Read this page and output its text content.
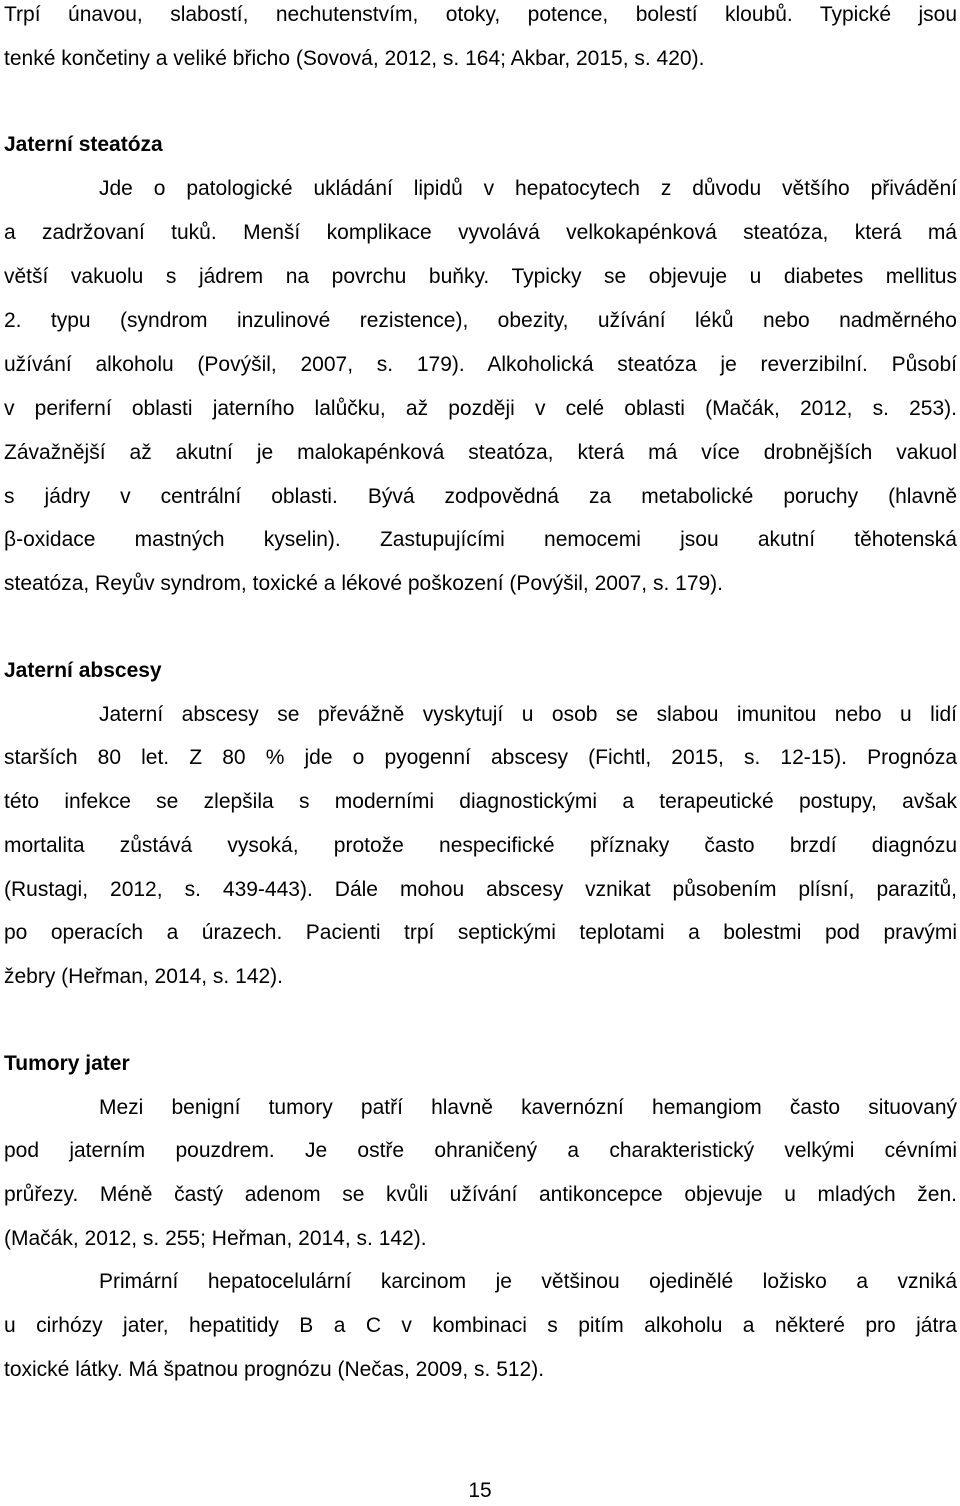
Trpí únavou, slabostí, nechutenstvím, otoky, potence, bolestí kloubů. Typické jsou
tenké končetiny a veliké břicho (Sovová, 2012, s. 164; Akbar, 2015, s. 420).
Jaterní steatóza
Jde o patologické ukládání lipidů v hepatocytech z důvodu většího přivádění
a zadržovaní tuků. Menší komplikace vyvolává velkokapénková steatóza, která má
větší vakuolu s jádrem na povrchu buňky. Typicky se objevuje u diabetes mellitus
2. typu (syndrom inzulinové rezistence), obezity, užívání léků nebo nadměrného
užívání alkoholu (Povýšil, 2007, s. 179). Alkoholická steatóza je reverzibilní. Působí
v periferní oblasti jaterního lalůčku, až později v celé oblasti (Mačák, 2012, s. 253).
Závažnější až akutní je malokapénková steatóza, která má více drobnějších vakuol
s jádry v centrální oblasti. Bývá zodpovědná za metabolické poruchy (hlavně
β-oxidace mastných kyselin). Zastupujícími nemocemi jsou akutní těhotenská
steatóza, Reyův syndrom, toxické a lékové poškození (Povýšil, 2007, s. 179).
Jaterní abscesy
Jaterní abscesy se převážně vyskytují u osob se slabou imunitou nebo u lidí
starších 80 let. Z 80 % jde o pyogenní abscesy (Fichtl, 2015, s. 12-15). Prognóza
této infekce se zlepšila s moderními diagnostickými a terapeutické postupy, avšak
mortalita zůstává vysoká, protože nespecifické příznaky často brzdí diagnózu
(Rustagi, 2012, s. 439-443). Dále mohou abscesy vznikat působením plísní, parazitů,
po operacích a úrazech. Pacienti trpí septickými teplotami a bolestmi pod pravými
žebry (Heřman, 2014, s. 142).
Tumory jater
Mezi benigní tumory patří hlavně kavernózní hemangiom často situovaný
pod jaterním pouzdrem. Je ostře ohraničený a charakteristický velkými cévními
průřezy. Méně častý adenom se kvůli užívání antikoncepce objevuje u mladých žen.
(Mačák, 2012, s. 255; Heřman, 2014, s. 142).
Primární hepatocelulární karcinom je většinou ojedinělé ložisko a vzniká
u cirhózy jater, hepatitidy B a C v kombinaci s pitím alkoholu a některé pro játra
toxické látky. Má špatnou prognózu (Nečas, 2009, s. 512).
15
